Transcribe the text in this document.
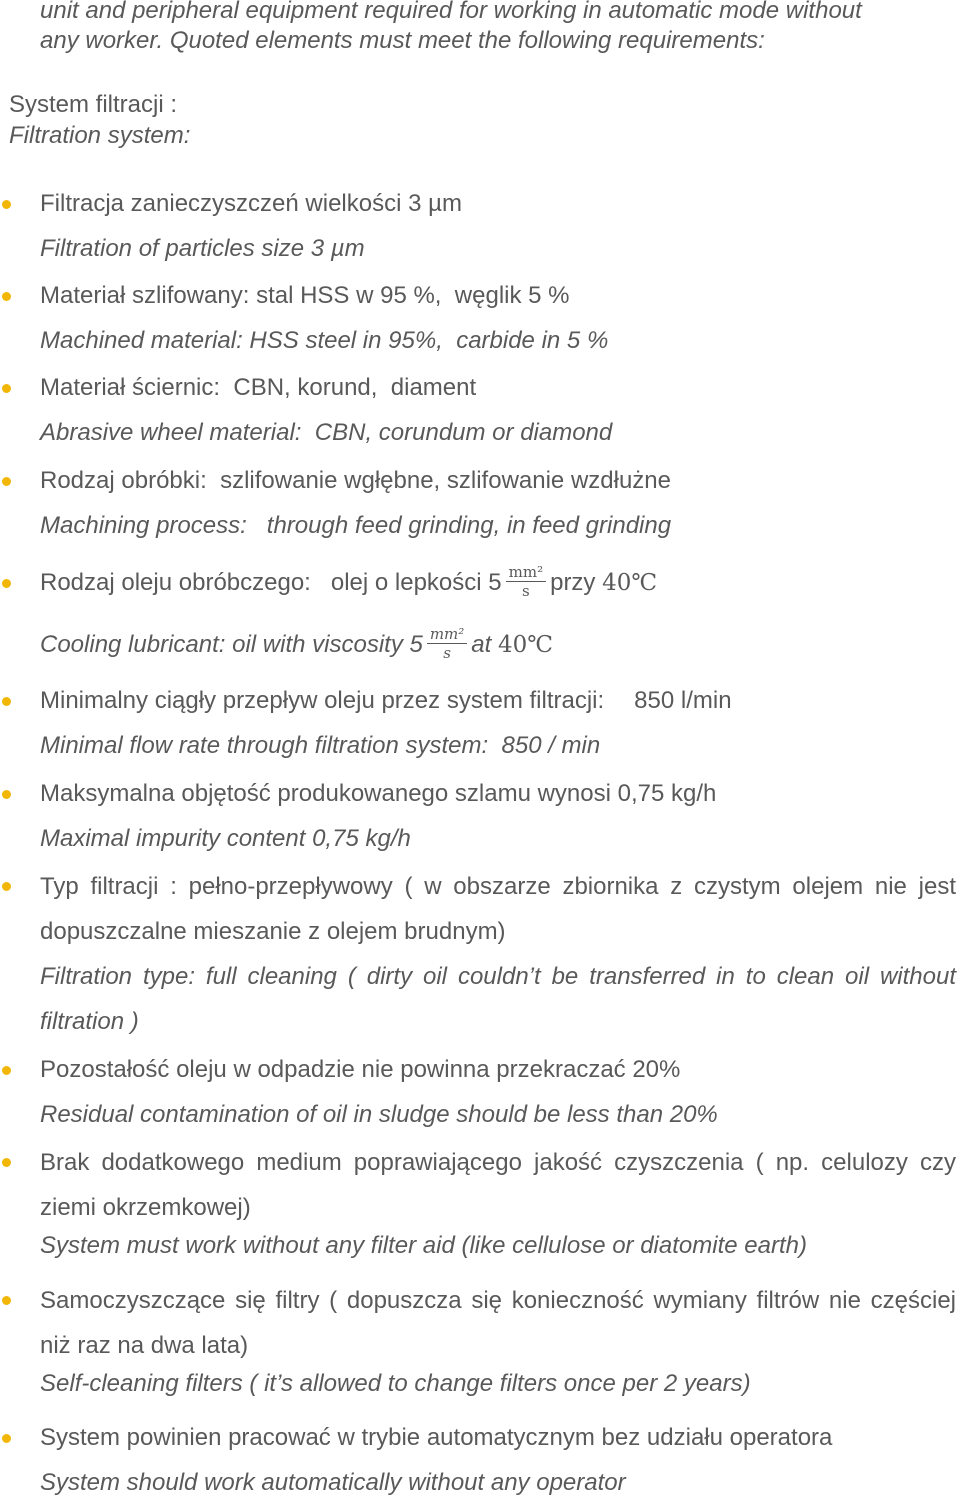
unit and peripheral equipment required for working in automatic mode without

any worker. Quoted elements must meet the following requirements:

System filtracji :

Filtration system:

Filtracja zanieczyszczeń wielkości 3 µm

Filtration of particles size 3 µm

Materiał szlifowany: stal HSS w 95 %,  węglik 5 %

Machined material: HSS steel in 95%,  carbide in 5 %

Materiał ściernic:  CBN, korund,  diament

Abrasive wheel material:  CBN, corundum or diamond

Rodzaj obróbki:  szlifowanie wgłębne, szlifowanie wzdłużne

Machining process:   through feed grinding, in feed grinding

Rodzaj oleju obróbczego:   olej o lepkości $5 \frac{\text{mm²}}{s}$ przy
40℃

Cooling lubricant: oil with viscosity $5 \frac{\text{mm²}}{s}$ at
40℃

Minimalny ciągły przepływ oleju przez system filtracji: 850 l/min

Minimal flow rate through filtration system:  850 / min

Maksymalna objętość produkowanego szlamu wynosi 0,75 kg/h

Maximal impurity content 0,75 kg/h

Typ filtracji : pełno-przepływowy ( w obszarze zbiornika z czystym olejem nie jest dopuszczalne mieszanie z olejem brudnym)

Filtration type: full cleaning ( dirty oil couldn’t be transferred in to clean oil without filtration )

Pozostałość oleju w odpadzie nie powinna przekraczać 20%

Residual contamination of oil in sludge should be less than 20%

Brak dodatkowego medium poprawiającego jakość czyszczenia ( np. celulozy czy ziemi okrzemkowej)

System must work without any filter aid (like cellulose or diatomite earth)

Samoczyszczące się filtry ( dopuszcza się konieczność wymiany filtrów nie częściej niż raz na dwa lata)

Self-cleaning filters ( it’s allowed to change filters once per 2 years)

System powinien pracować w trybie automatycznym bez udziału operatora

System should work automatically without any operator
